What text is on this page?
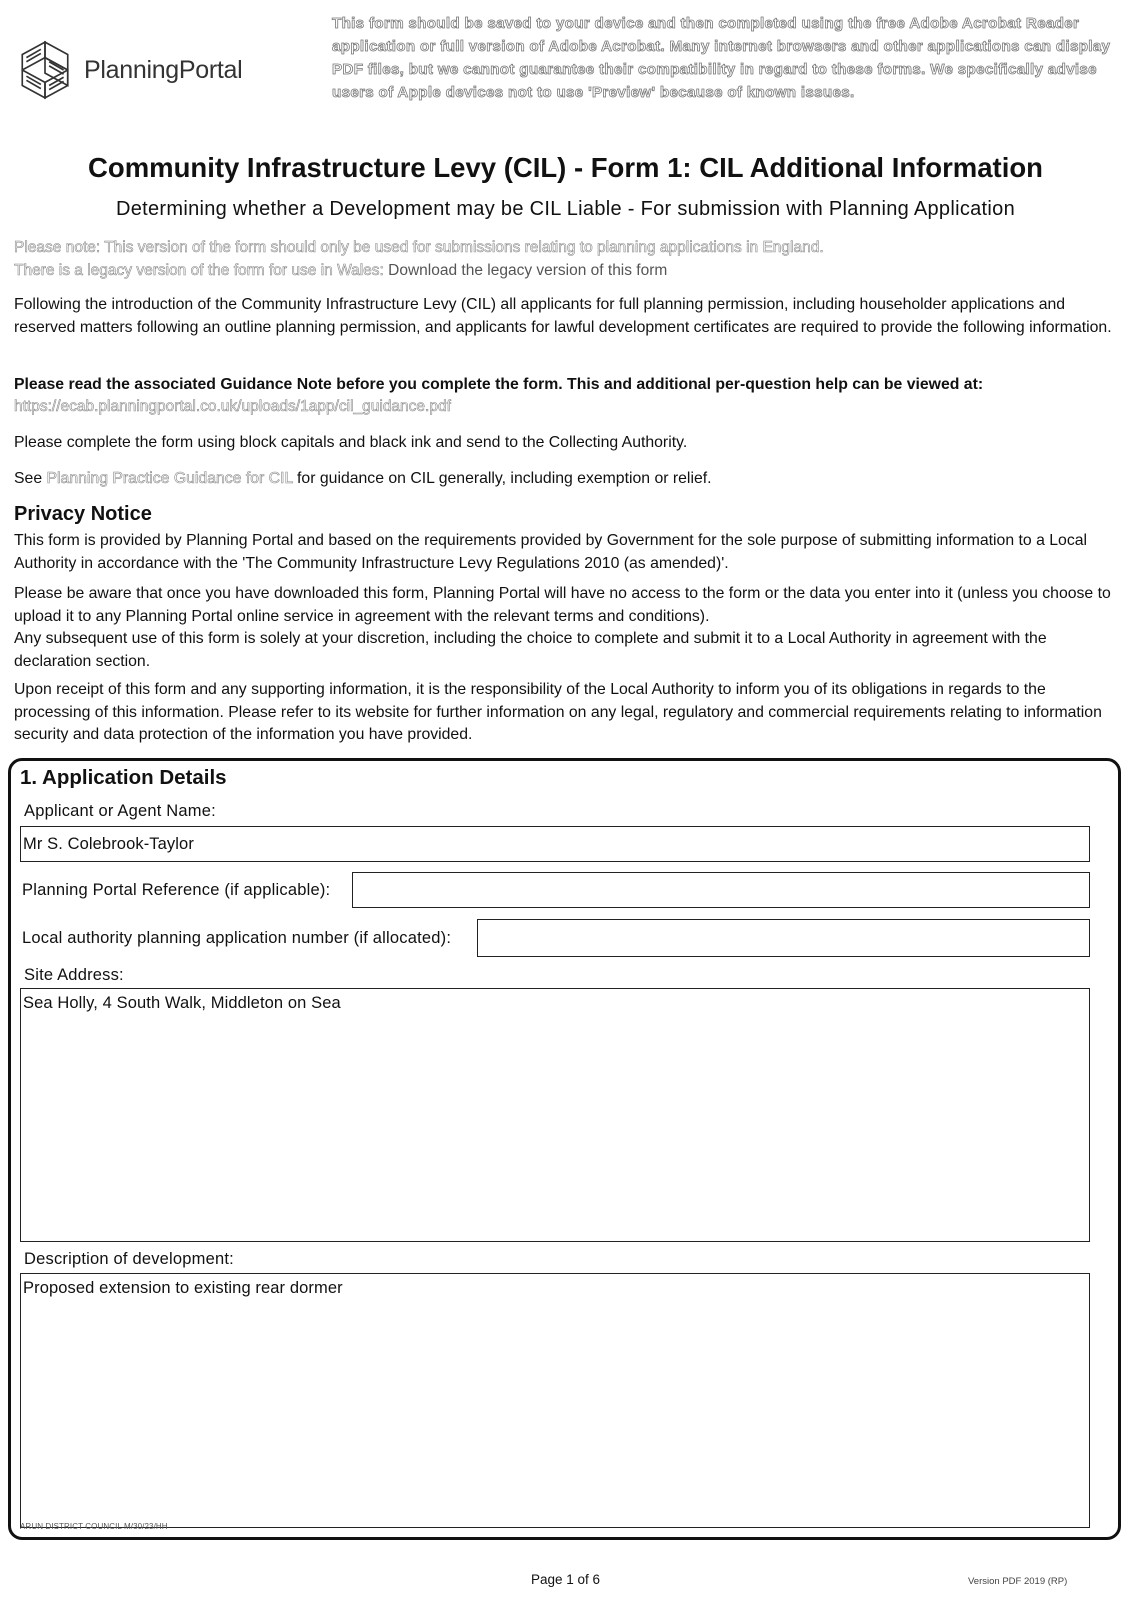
PlanningPortal
This form should be saved to your device and then completed using the free Adobe Acrobat Reader application or full version of Adobe Acrobat. Many internet browsers and other applications can display PDF files, but we cannot guarantee their compatibility in regard to these forms. We specifically advise users of Apple devices not to use 'Preview' because of known issues.
Community Infrastructure Levy (CIL) - Form 1: CIL Additional Information
Determining whether a Development may be CIL Liable - For submission with Planning Application
Please note: This version of the form should only be used for submissions relating to planning applications in England.
There is a legacy version of the form for use in Wales: Download the legacy version of this form
Following the introduction of the Community Infrastructure Levy (CIL) all applicants for full planning permission, including householder applications and reserved matters following an outline planning permission, and applicants for lawful development certificates are required to provide the following information.
Please read the associated Guidance Note before you complete the form. This and additional per-question help can be viewed at:
https://ecab.planningportal.co.uk/uploads/1app/cil_guidance.pdf
Please complete the form using block capitals and black ink and send to the Collecting Authority.
See Planning Practice Guidance for CIL for guidance on CIL generally, including exemption or relief.
Privacy Notice
This form is provided by Planning Portal and based on the requirements provided by Government for the sole purpose of submitting information to a Local Authority in accordance with the 'The Community Infrastructure Levy Regulations 2010 (as amended)'.
Please be aware that once you have downloaded this form, Planning Portal will have no access to the form or the data you enter into it (unless you choose to upload it to any Planning Portal online service in agreement with the relevant terms and conditions).
Any subsequent use of this form is solely at your discretion, including the choice to complete and submit it to a Local Authority in agreement with the declaration section.
Upon receipt of this form and any supporting information, it is the responsibility of the Local Authority to inform you of its obligations in regards to the processing of this information. Please refer to its website for further information on any legal, regulatory and commercial requirements relating to information security and data protection of the information you have provided.
1. Application Details
Applicant or Agent Name:
Mr S. Colebrook-Taylor
Planning Portal Reference (if applicable):
Local authority planning application number (if allocated):
Site Address:
Sea Holly, 4 South Walk, Middleton on Sea
Description of development:
Proposed extension to existing rear dormer
ARUN DISTRICT COUNCIL M/30/23/HH
Page 1 of 6	Version PDF 2019 (RP)
